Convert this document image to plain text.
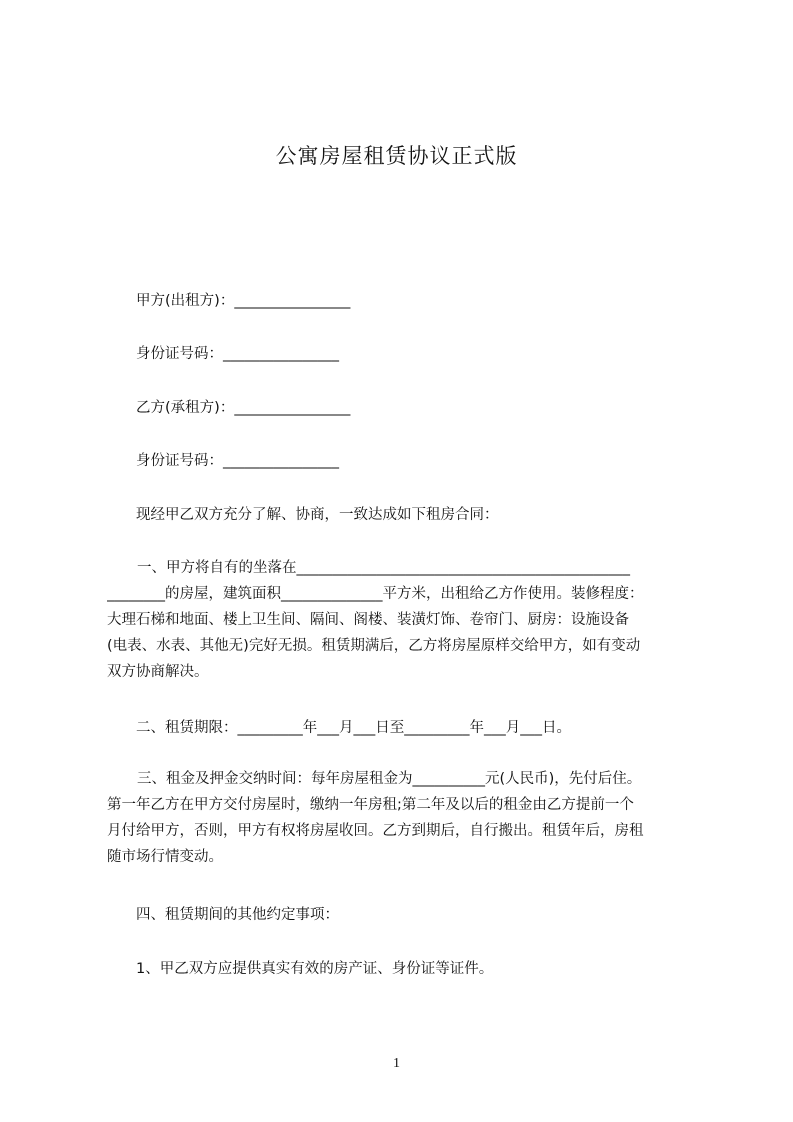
公寓房屋租赁协议正式版
甲方(出租方)：________________
身份证号码：________________
乙方(承租方)：________________
身份证号码：________________
现经甲乙双方充分了解、协商，一致达成如下租房合同：
一、甲方将自有的坐落在______________________________________________
________的房屋，建筑面积______________平方米，出租给乙方作使用。装修程度：
大理石梯和地面、楼上卫生间、隔间、阁楼、装潢灯饰、卷帘门、厨房：设施设备
(电表、水表、其他无)完好无损。租赁期满后，乙方将房屋原样交给甲方，如有变动
双方协商解决。
二、租赁期限：_________年___月___日至_________年___月___日。
三、租金及押金交纳时间：每年房屋租金为__________元(人民币)，先付后住。
第一年乙方在甲方交付房屋时，缴纳一年房租;第二年及以后的租金由乙方提前一个
月付给甲方，否则，甲方有权将房屋收回。乙方到期后，自行搬出。租赁年后，房租
随市场行情变动。
四、租赁期间的其他约定事项：
1、甲乙双方应提供真实有效的房产证、身份证等证件。
1
